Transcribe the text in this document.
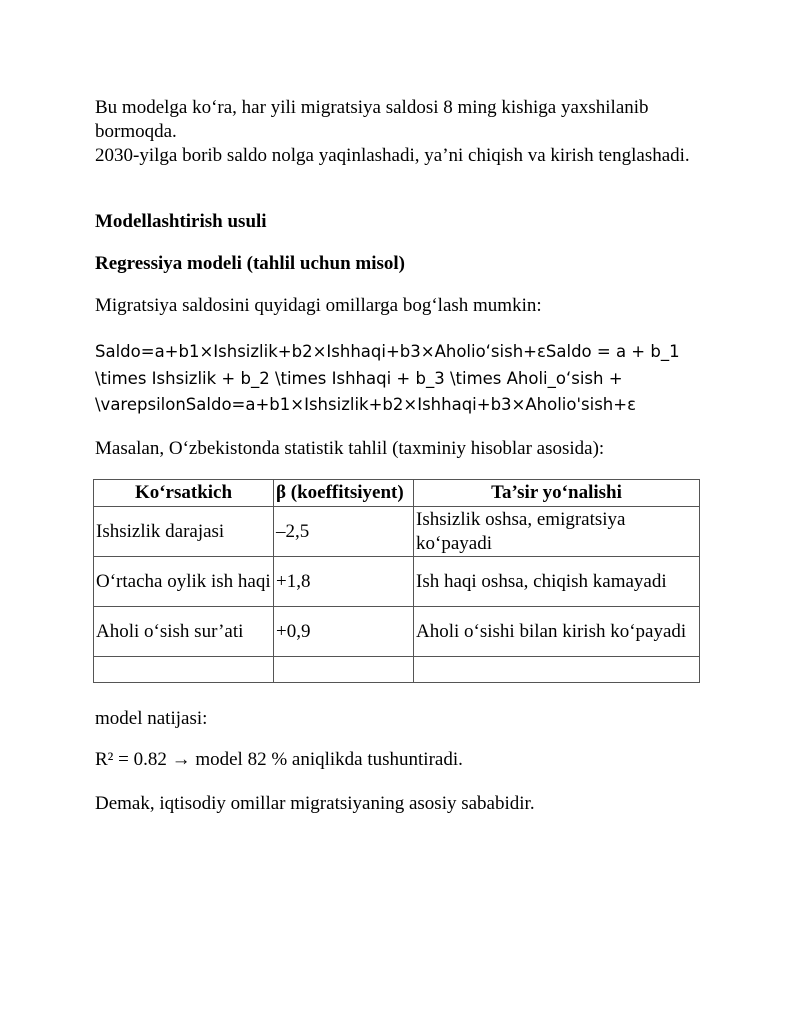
Bu modelga ko‘ra, har yili migratsiya saldosi 8 ming kishiga yaxshilanib bormoqda.

2030-yilga borib saldo nolga yaqinlashadi, ya’ni chiqish va kirish tenglashadi.

Modellashtirish usuli

Regressiya modeli (tahlil uchun misol)

Migratsiya saldosini quyidagi omillarga bog‘lash mumkin:

Saldo=a+b1×Ishsizlik+b2×Ishhaqi+b3×Aholioʻsish+εSaldo = a + b_1 \times Ishsizlik + b_2 \times Ishhaqi + b_3 \times Aholi_oʻsish + \varepsilonSaldo=a+b1×Ishsizlik+b2×Ishhaqi+b3×Aholio'sish+ε

Masalan, O‘zbekistonda statistik tahlil (taxminiy hisoblar asosida):

Ko‘rsatkich	β (koeffitsiyent)	Ta’sir yo‘nalishi
Ishsizlik darajasi	–2,5	Ishsizlik oshsa, emigratsiya ko‘payadi
O‘rtacha oylik ish haqi	+1,8	Ish haqi oshsa, chiqish kamayadi
Aholi o‘sish sur’ati	+0,9	Aholi o‘sishi bilan kirish ko‘payadi

model natijasi:

R² = 0.82 → model 82 % aniqlikda tushuntiradi.

Demak, iqtisodiy omillar migratsiyaning asosiy sababidir.
